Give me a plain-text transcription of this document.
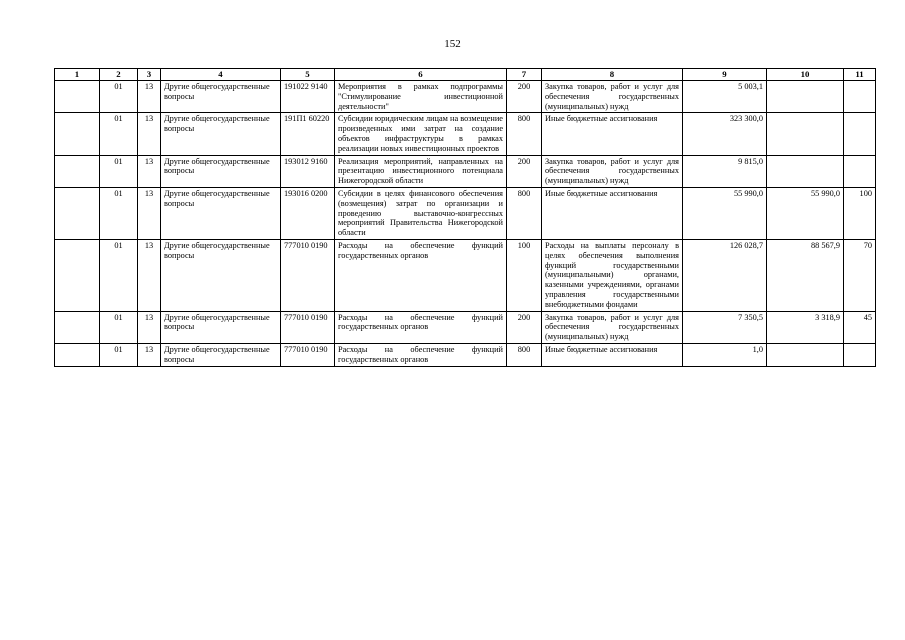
152
1	2	3	4	5	6	7	8	9	10	11
	01	13	Другие общегосударственные вопросы	191022 9140	Мероприятия в рамках подпрограммы "Стимулирование инвестиционной деятельности"	200	Закупка товаров, работ и услуг для обеспечения государственных (муниципальных) нужд	5 003,1		
	01	13	Другие общегосударственные вопросы	191П1 60220	Субсидии юридическим лицам на возмещение произведенных ими затрат на создание объектов инфраструктуры в рамках реализации новых инвестиционных проектов	800	Иные бюджетные ассигнования	323 300,0		
	01	13	Другие общегосударственные вопросы	193012 9160	Реализация мероприятий, направленных на презентацию инвестиционного потенциала Нижегородской области	200	Закупка товаров, работ и услуг для обеспечения государственных (муниципальных) нужд	9 815,0		
	01	13	Другие общегосударственные вопросы	193016 0200	Субсидии в целях финансового обеспечения (возмещения) затрат по организации и проведению выставочно-конгрессных мероприятий Правительства Нижегородской области	800	Иные бюджетные ассигнования	55 990,0	55 990,0	100
	01	13	Другие общегосударственные вопросы	777010 0190	Расходы на обеспечение функций государственных органов	100	Расходы на выплаты персоналу в целях обеспечения выполнения функций государственными (муниципальными) органами, казенными учреждениями, органами управления государственными внебюджетными фондами	126 028,7	88 567,9	70
	01	13	Другие общегосударственные вопросы	777010 0190	Расходы на обеспечение функций государственных органов	200	Закупка товаров, работ и услуг для обеспечения государственных (муниципальных) нужд	7 350,5	3 318,9	45
	01	13	Другие общегосударственные вопросы	777010 0190	Расходы на обеспечение функций государственных органов	800	Иные бюджетные ассигнования	1,0		
